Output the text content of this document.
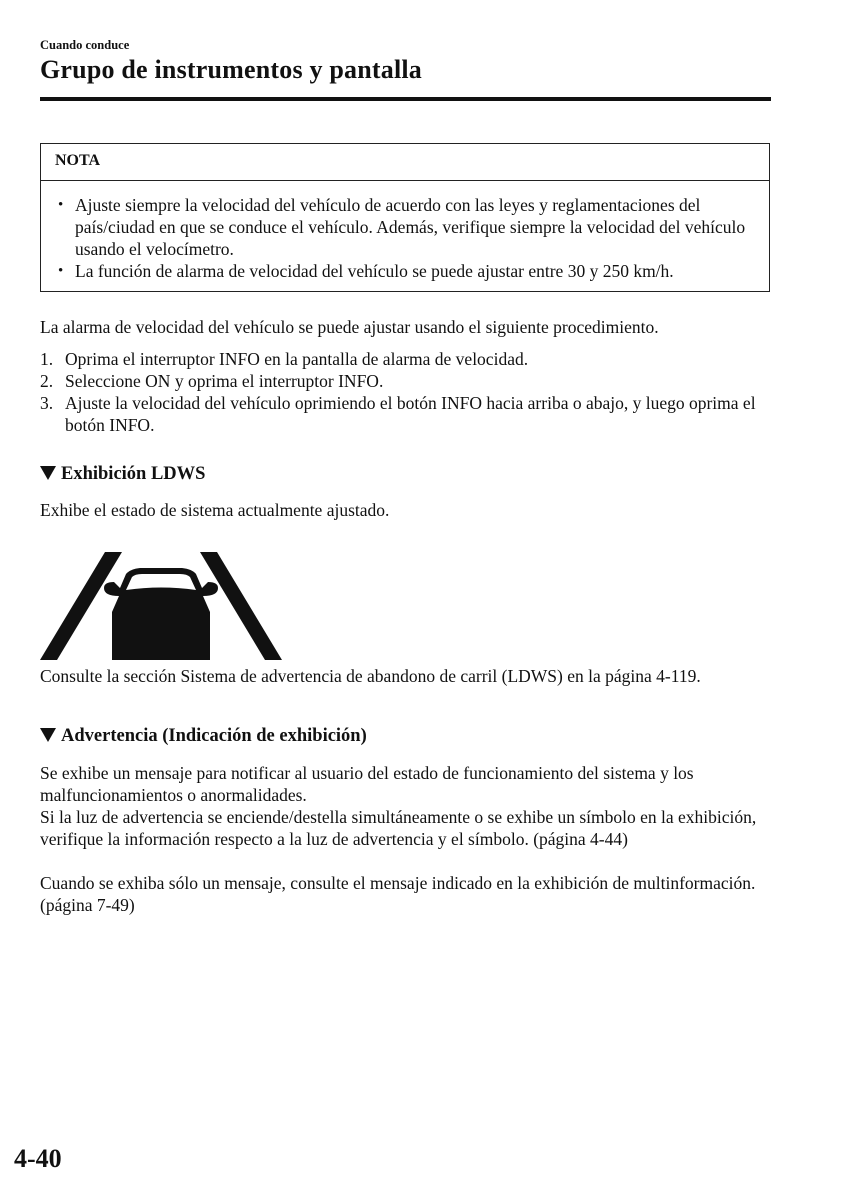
Cuando conduce
Grupo de instrumentos y pantalla
NOTA
• Ajuste siempre la velocidad del vehículo de acuerdo con las leyes y reglamentaciones del país/ciudad en que se conduce el vehículo. Además, verifique siempre la velocidad del vehículo usando el velocímetro.
• La función de alarma de velocidad del vehículo se puede ajustar entre 30 y 250 km/h.

La alarma de velocidad del vehículo se puede ajustar usando el siguiente procedimiento.

1. Oprima el interruptor INFO en la pantalla de alarma de velocidad.
2. Seleccione ON y oprima el interruptor INFO.
3. Ajuste la velocidad del vehículo oprimiendo el botón INFO hacia arriba o abajo, y luego oprima el botón INFO.
Exhibición LDWS

Exhibe el estado de sistema actualmente ajustado.

Consulte la sección Sistema de advertencia de abandono de carril (LDWS) en la página 4-119.

Advertencia (Indicación de exhibición)

Se exhibe un mensaje para notificar al usuario del estado de funcionamiento del sistema y los malfuncionamientos o anormalidades.

Si la luz de advertencia se enciende/destella simultáneamente o se exhibe un símbolo en la exhibición, verifique la información respecto a la luz de advertencia y el símbolo. (página 4-44)

Cuando se exhiba sólo un mensaje, consulte el mensaje indicado en la exhibición de multinformación. (página 7-49)

4-40
